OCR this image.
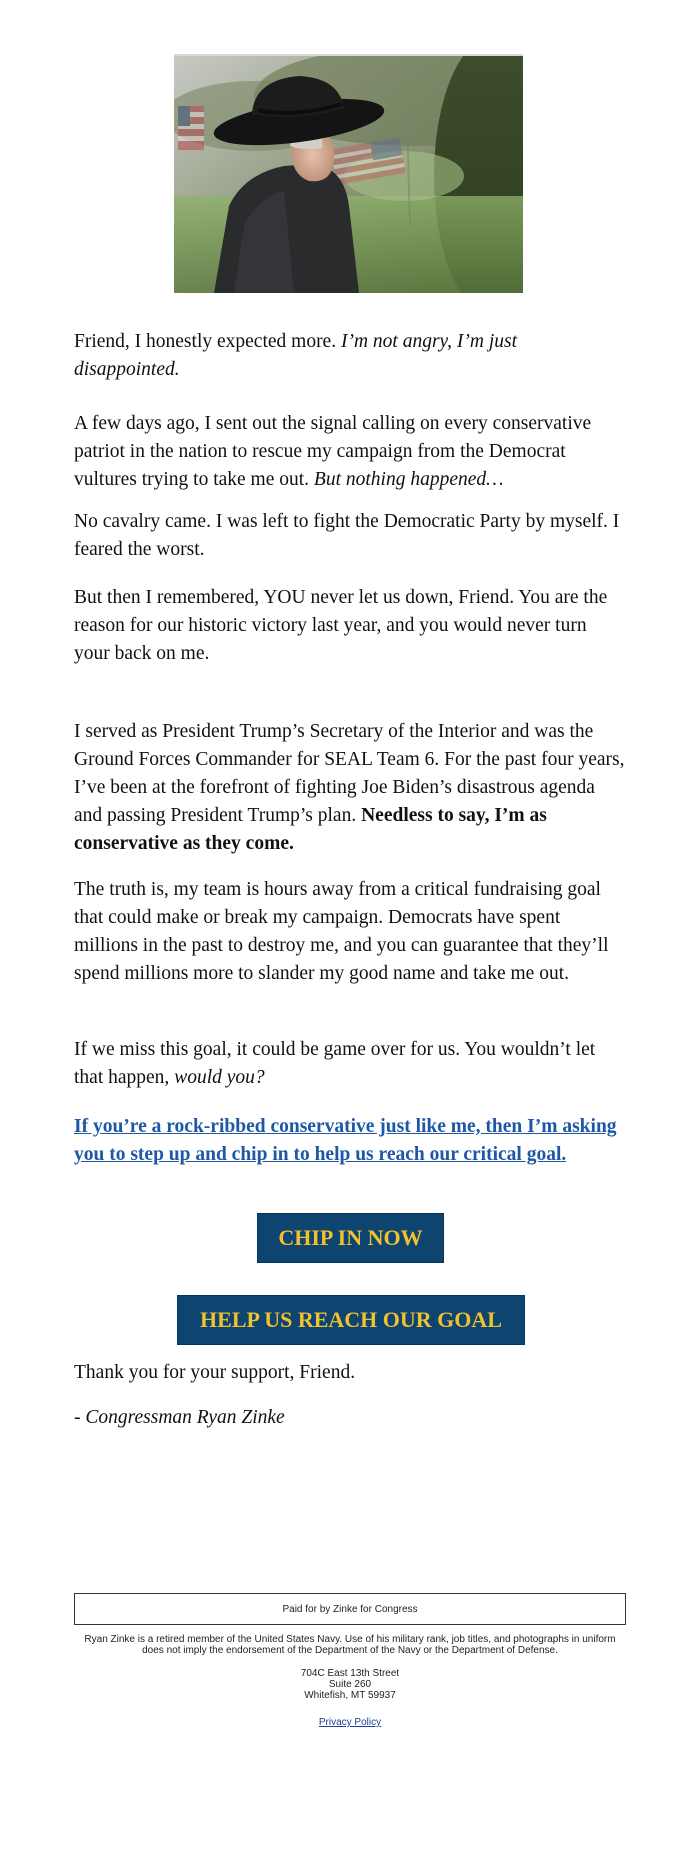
Friend, I honestly expected more. I’m not angry, I’m just disappointed.

A few days ago, I sent out the signal calling on every conservative patriot in the nation to rescue my campaign from the Democrat vultures trying to take me out. But nothing happened…

No cavalry came. I was left to fight the Democratic Party by myself. I feared the worst.

But then I remembered, YOU never let us down, Friend. You are the reason for our historic victory last year, and you would never turn your back on me.

I served as President Trump’s Secretary of the Interior and was the Ground Forces Commander for SEAL Team 6. For the past four years, I’ve been at the forefront of fighting Joe Biden’s disastrous agenda and passing President Trump’s plan. Needless to say, I’m as conservative as they come.

The truth is, my team is hours away from a critical fundraising goal that could make or break my campaign. Democrats have spent millions in the past to destroy me, and you can guarantee that they’ll spend millions more to slander my good name and take me out.

If we miss this goal, it could be game over for us. You wouldn’t let that happen, would you?

If you’re a rock-ribbed conservative just like me, then I’m asking you to step up and chip in to help us reach our critical goal.

CHIP IN NOW
HELP US REACH OUR GOAL

Thank you for your support, Friend.

- Congressman Ryan Zinke

Paid for by Zinke for Congress
Ryan Zinke is a retired member of the United States Navy. Use of his military rank, job titles, and photographs in uniform does not imply the endorsement of the Department of the Navy or the Department of Defense.
704C East 13th Street
Suite 260
Whitefish, MT 59937
Privacy Policy
